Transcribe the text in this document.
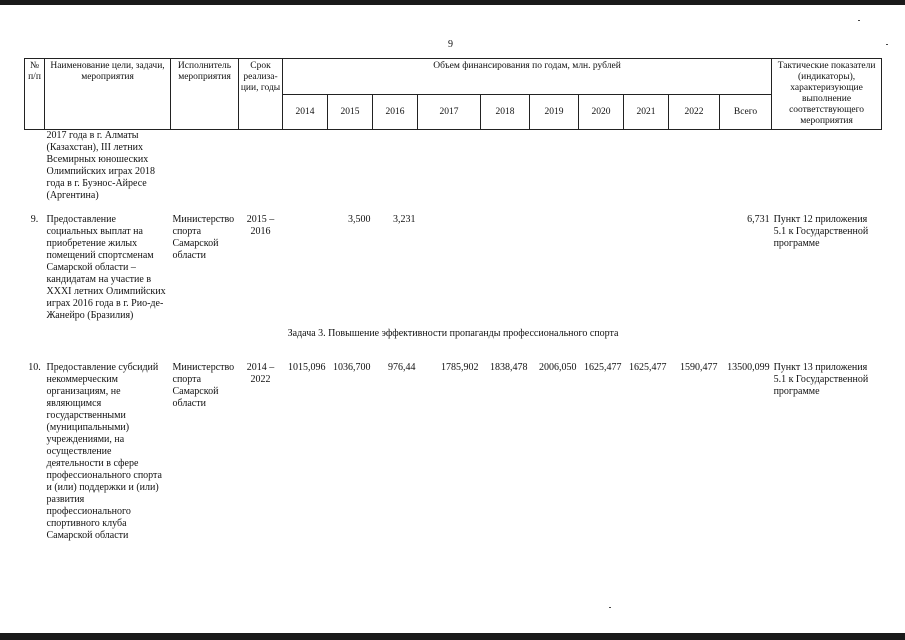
9
№ п/п	Наименование цели, задачи, мероприятия	Исполнитель мероприятия	Срок реализа-ции, годы	Объем финансирования по годам, млн. рублей										Тактические показатели (индикаторы), характеризующие выполнение соответствующего мероприятия
				2014	2015	2016	2017	2018	2019	2020	2021	2022	Всего	
	2017 года в г. Алматы (Казахстан), III летних Всемирных юношеских Олимпийских играх 2018 года в г. Буэнос-Айресе (Аргентина)													

9.	Предоставление социальных выплат на приобретение жилых помещений спортсменам Самарской области – кандидатам на участие в XXXI летних Олимпийских играх 2016 года в г. Рио-де-Жанейро (Бразилия)	Министерство спорта Самарской области	2015 – 2016		3,500	3,231							6,731	Пункт 12 приложения 5.1 к Государственной программе
Задача 3. Повышение эффективности пропаганды профессионального спорта														
10.	Предоставление субсидий некоммерческим организациям, не являющимся государственными (муниципальными) учреждениями, на осуществление деятельности в сфере профессионального спорта и (или) поддержки и (или) развития профессионального спортивного клуба Самарской области	Министерство спорта Самарской области	2014 – 2022	1015,096	1036,700	976,44	1785,902	1838,478	2006,050	1625,477	1625,477	1590,477	13500,099	Пункт 13 приложения 5.1 к Государственной программе
